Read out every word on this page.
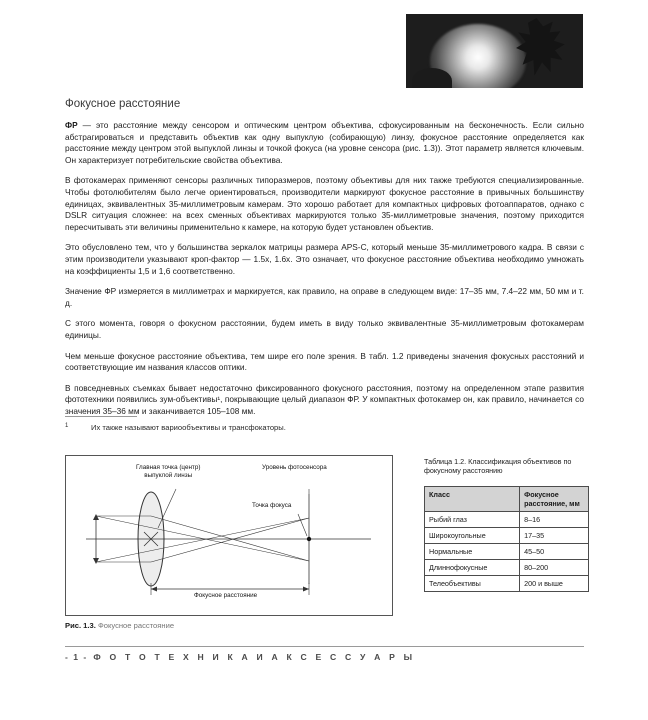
Фокусное расстояние

ФР — это расстояние между сенсором и оптическим центром объектива, сфокусированным на бесконечность. Если сильно абстрагироваться и представить объектив как одну выпуклую (собирающую) линзу, фокусное расстояние определяется как расстояние между центром этой выпуклой линзы и точкой фокуса (на уровне сенсора (рис. 1.3)). Этот параметр является ключевым. Он характеризует потребительские свойства объектива.

В фотокамерах применяют сенсоры различных типоразмеров, поэтому объективы для них также требуются специализированные. Чтобы фотолюбителям было легче ориентироваться, производители маркируют фокусное расстояние в привычных большинству единицах, эквивалентных 35-миллиметровым камерам. Это хорошо работает для компактных цифровых фотоаппаратов, однако с DSLR ситуация сложнее: на всех сменных объективах маркируются только 35-миллиметровые значения, поэтому приходится пересчитывать эти величины применительно к камере, на которую будет установлен объектив.

Это обусловлено тем, что у большинства зеркалок матрицы размера APS-C, который меньше 35-миллиметрового кадра. В связи с этим производители указывают кроп-фактор — 1.5x, 1.6x. Это означает, что фокусное расстояние объектива необходимо умножать на коэффициенты 1,5 и 1,6 соответственно.

Значение ФР измеряется в миллиметрах и маркируется, как правило, на оправе в следующем виде: 17–35 мм, 7.4–22 мм, 50 мм и т. д.

С этого момента, говоря о фокусном расстоянии, будем иметь в виду только эквивалентные 35-миллиметровым фотокамерам единицы.

Чем меньше фокусное расстояние объектива, тем шире его поле зрения. В табл. 1.2 приведены значения фокусных расстояний и соответствующие им названия классов оптики.

В повседневных съемках бывает недостаточно фиксированного фокусного расстояния, поэтому на определенном этапе развития фототехники появились зум-объективы¹, покрывающие целый диапазон ФР. У компактных фотокамер он, как правило, начинается со значения 35–36 мм и заканчивается 105–108 мм.

1	Их также называют вариообъективы и трансфокаторы.
Главная точка (центр)
выпуклой линзы
Уровень фотосенсора
Точка фокуса
Фокусное расстояние
Рис. 1.3. Фокусное расстояние
Таблица 1.2. Классификация объективов по фокусному расстоянию
Класс	Фокусное расстояние, мм
Рыбий глаз	8–16
Широкоугольные	17–35
Нормальные	45–50
Длиннофокусные	80–200
Телеобъективы	200 и выше
- 1 - Ф О Т О Т Е Х Н И К А И А К С Е С С У А Р Ы
